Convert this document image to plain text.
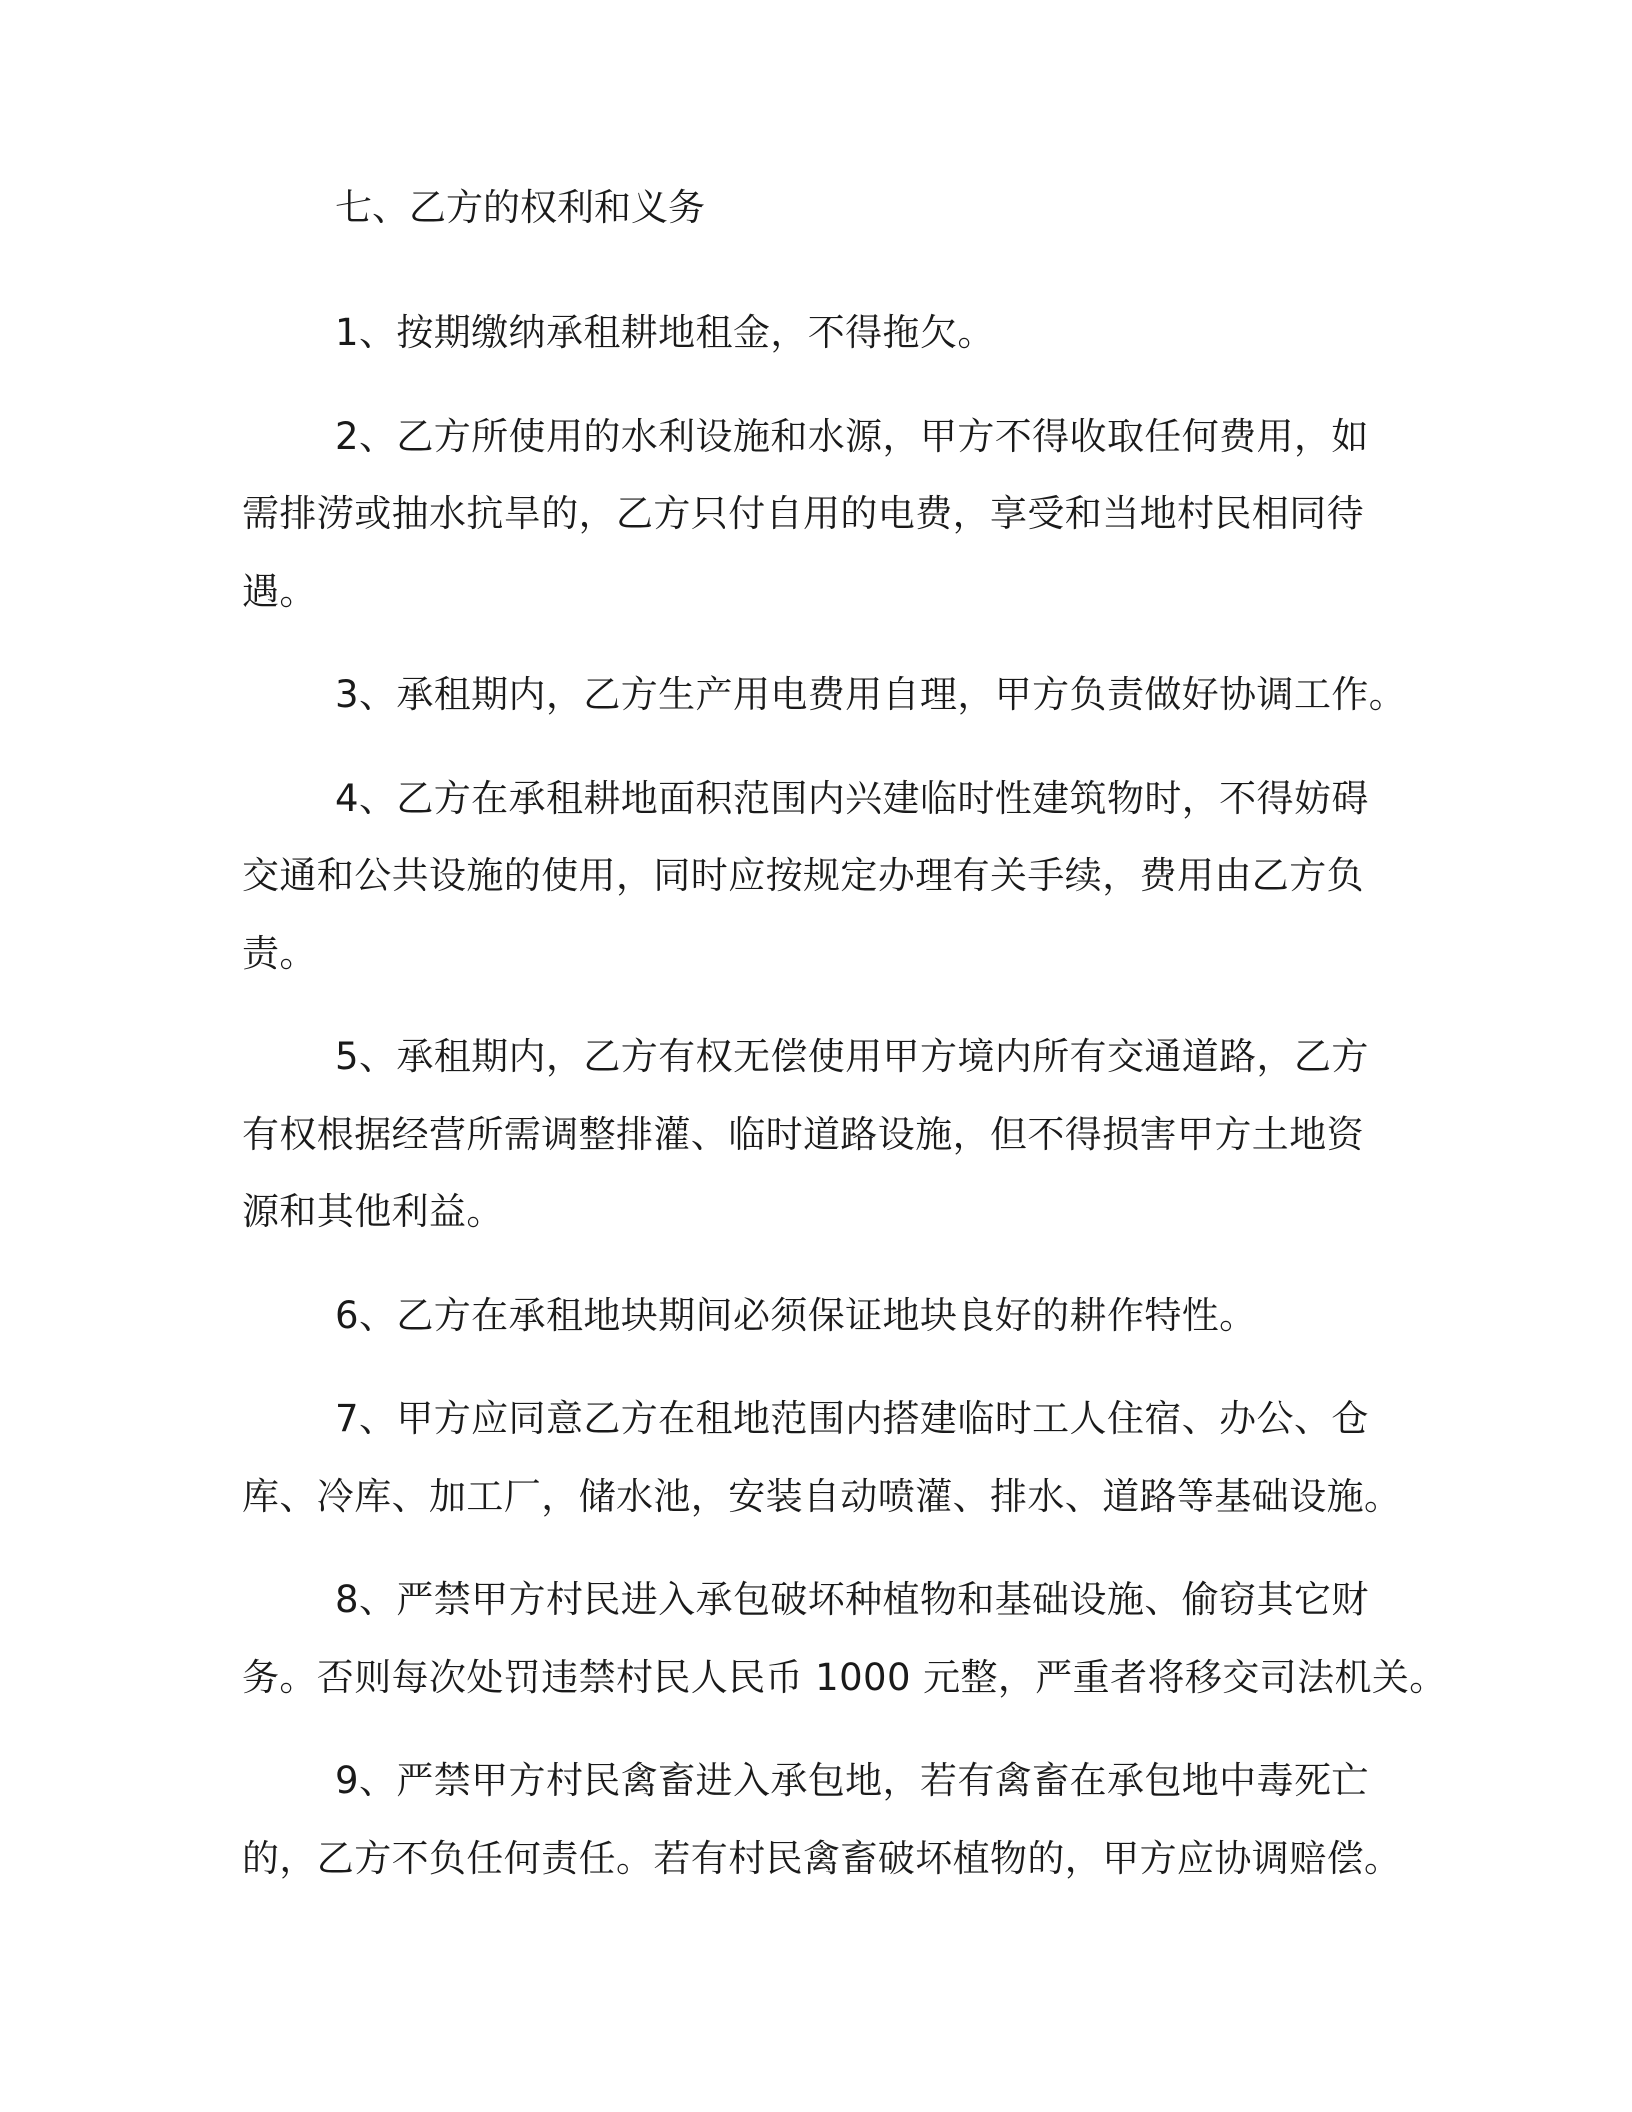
七、乙方的权利和义务
1、按期缴纳承租耕地租金，不得拖欠。
2、乙方所使用的水利设施和水源，甲方不得收取任何费用，如
需排涝或抽水抗旱的，乙方只付自用的电费，享受和当地村民相同待
遇。
3、承租期内，乙方生产用电费用自理，甲方负责做好协调工作。
4、乙方在承租耕地面积范围内兴建临时性建筑物时，不得妨碍
交通和公共设施的使用，同时应按规定办理有关手续，费用由乙方负
责。
5、承租期内，乙方有权无偿使用甲方境内所有交通道路，乙方
有权根据经营所需调整排灌、临时道路设施，但不得损害甲方土地资
源和其他利益。
6、乙方在承租地块期间必须保证地块良好的耕作特性。
7、甲方应同意乙方在租地范围内搭建临时工人住宿、办公、仓
库、冷库、加工厂，储水池，安装自动喷灌、排水、道路等基础设施。
8、严禁甲方村民进入承包破坏种植物和基础设施、偷窃其它财
务。否则每次处罚违禁村民人民币 1000 元整，严重者将移交司法机关。
9、严禁甲方村民禽畜进入承包地，若有禽畜在承包地中毒死亡
的，乙方不负任何责任。若有村民禽畜破坏植物的，甲方应协调赔偿。
